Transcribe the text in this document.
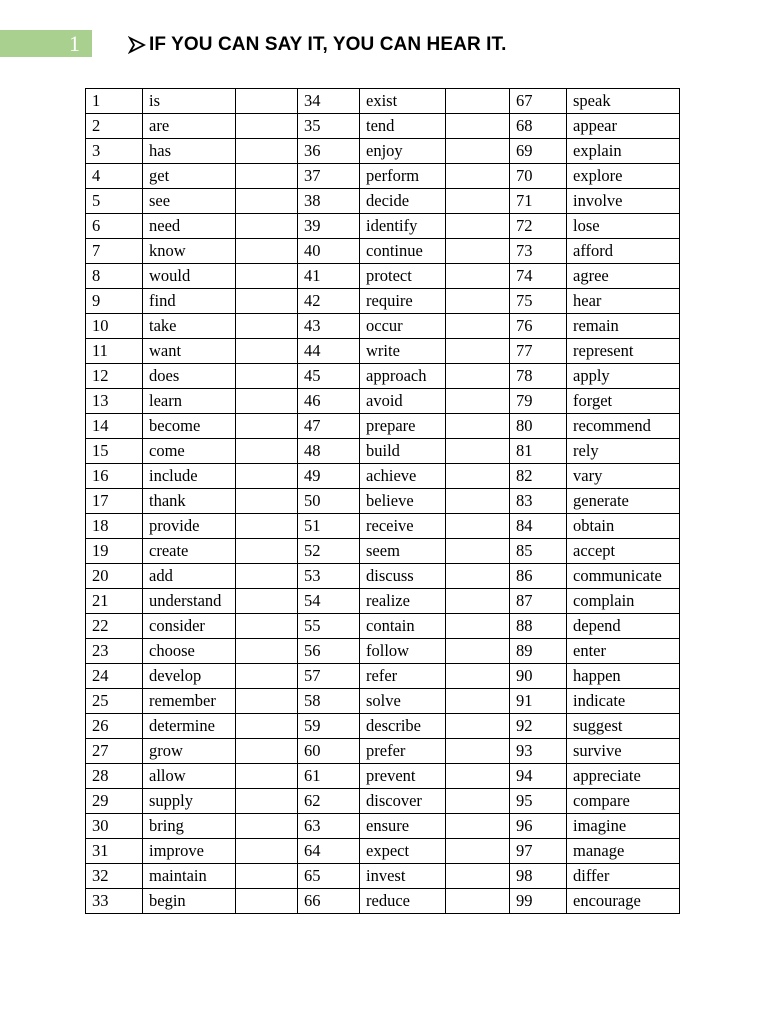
1	IF YOU CAN SAY IT, YOU CAN HEAR IT.
1	is		34	exist		67	speak
2	are		35	tend		68	appear
3	has		36	enjoy		69	explain
4	get		37	perform		70	explore
5	see		38	decide		71	involve
6	need		39	identify		72	lose
7	know		40	continue		73	afford
8	would		41	protect		74	agree
9	find		42	require		75	hear
10	take		43	occur		76	remain
11	want		44	write		77	represent
12	does		45	approach		78	apply
13	learn		46	avoid		79	forget
14	become		47	prepare		80	recommend
15	come		48	build		81	rely
16	include		49	achieve		82	vary
17	thank		50	believe		83	generate
18	provide		51	receive		84	obtain
19	create		52	seem		85	accept
20	add		53	discuss		86	communicate
21	understand		54	realize		87	complain
22	consider		55	contain		88	depend
23	choose		56	follow		89	enter
24	develop		57	refer		90	happen
25	remember		58	solve		91	indicate
26	determine		59	describe		92	suggest
27	grow		60	prefer		93	survive
28	allow		61	prevent		94	appreciate
29	supply		62	discover		95	compare
30	bring		63	ensure		96	imagine
31	improve		64	expect		97	manage
32	maintain		65	invest		98	differ
33	begin		66	reduce		99	encourage
